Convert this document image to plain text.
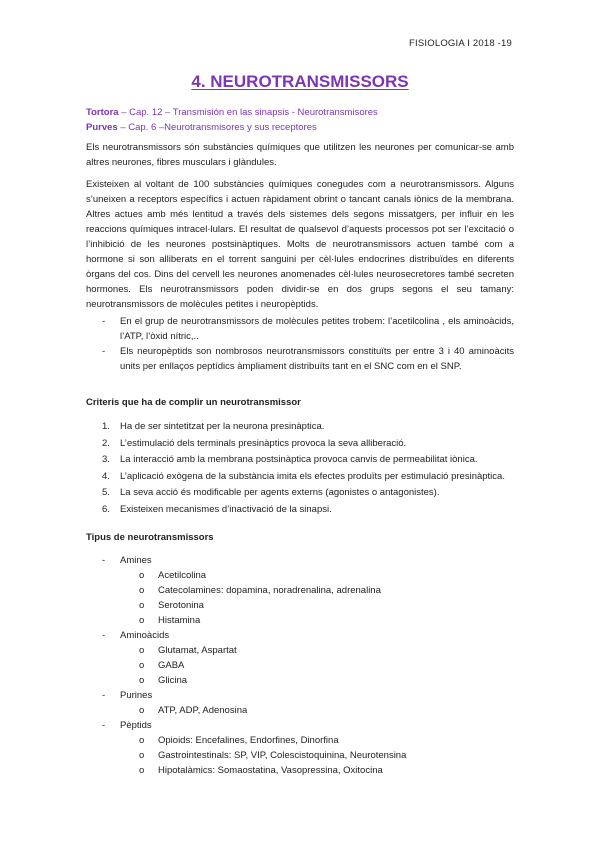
FISIOLOGIA I 2018 -19
4. NEUROTRANSMISSORS
Tortora – Cap. 12 – Transmisión en las sinapsis - Neurotransmisores
Purves – Cap. 6 –Neurotransmisores y sus receptores
Els neurotransmissors són substàncies químiques que utilitzen les neurones per comunicar-se amb altres neurones, fibres musculars i glàndules.
Existeixen al voltant de 100 substàncies químiques conegudes com a neurotransmissors. Alguns s’uneixen a receptors específics i actuen ràpidament obrint o tancant canals iònics de la membrana. Altres actues amb més lentitud a través dels sistemes dels segons missatgers, per influir en les reaccions químiques intracel·lulars. El resultat de qualsevol d’aquests processos pot ser l’excitació o l’inhibició de les neurones postsinàptiques. Molts de neurotransmissors actuen també com a hormone si son alliberats en el torrent sanguini per cèl·lules endocrines distribuïdes en diferents òrgans del cos. Dins del cervell les neurones anomenades cèl·lules neurosecretores també secreten hormones. Els neurotransmissors poden dividir-se en dos grups segons el seu tamany: neurotransmissors de molècules petites i neuropèptids.
- En el grup de neurotransmissors de molècules petites trobem: l’acetilcolina , els aminoàcids, l’ATP, l’òxid nítric,..
- Els neuropèptids son nombrosos neurotransmissors constituïts per entre 3 i 40 aminoàcits units per enllaços peptídics àmpliament distribuïts tant en el SNC com en el SNP.
Criteris que ha de complir un neurotransmissor
1. Ha de ser sintetitzat per la neurona presinàptica.
2. L’estimulació dels terminals presinàptics provoca la seva alliberació.
3. La interacció amb la membrana postsinàptica provoca canvis de permeabilitat iònica.
4. L’aplicació exògena de la substància imita els efectes produïts per estimulació presinàptica.
5. La seva acció és modificable per agents externs (agonistes o antagonistes).
6. Existeixen mecanismes d’inactivació de la sinapsi.
Tipus de neurotransmissors
- Amines
o Acetilcolina
o Catecolamines: dopamina, noradrenalina, adrenalina
o Serotonina
o Histamina
- Aminoàcids
o Glutamat, Aspartat
o GABA
o Glicina
- Purines
o ATP, ADP, Adenosina
- Pèptids
o Opioids: Encefalines, Endorfines, Dinorfina
o Gastrointestinals: SP, VIP, Colescistoquinina, Neurotensina
o Hipotalàmics: Somaostatina, Vasopressina, Oxitocina
